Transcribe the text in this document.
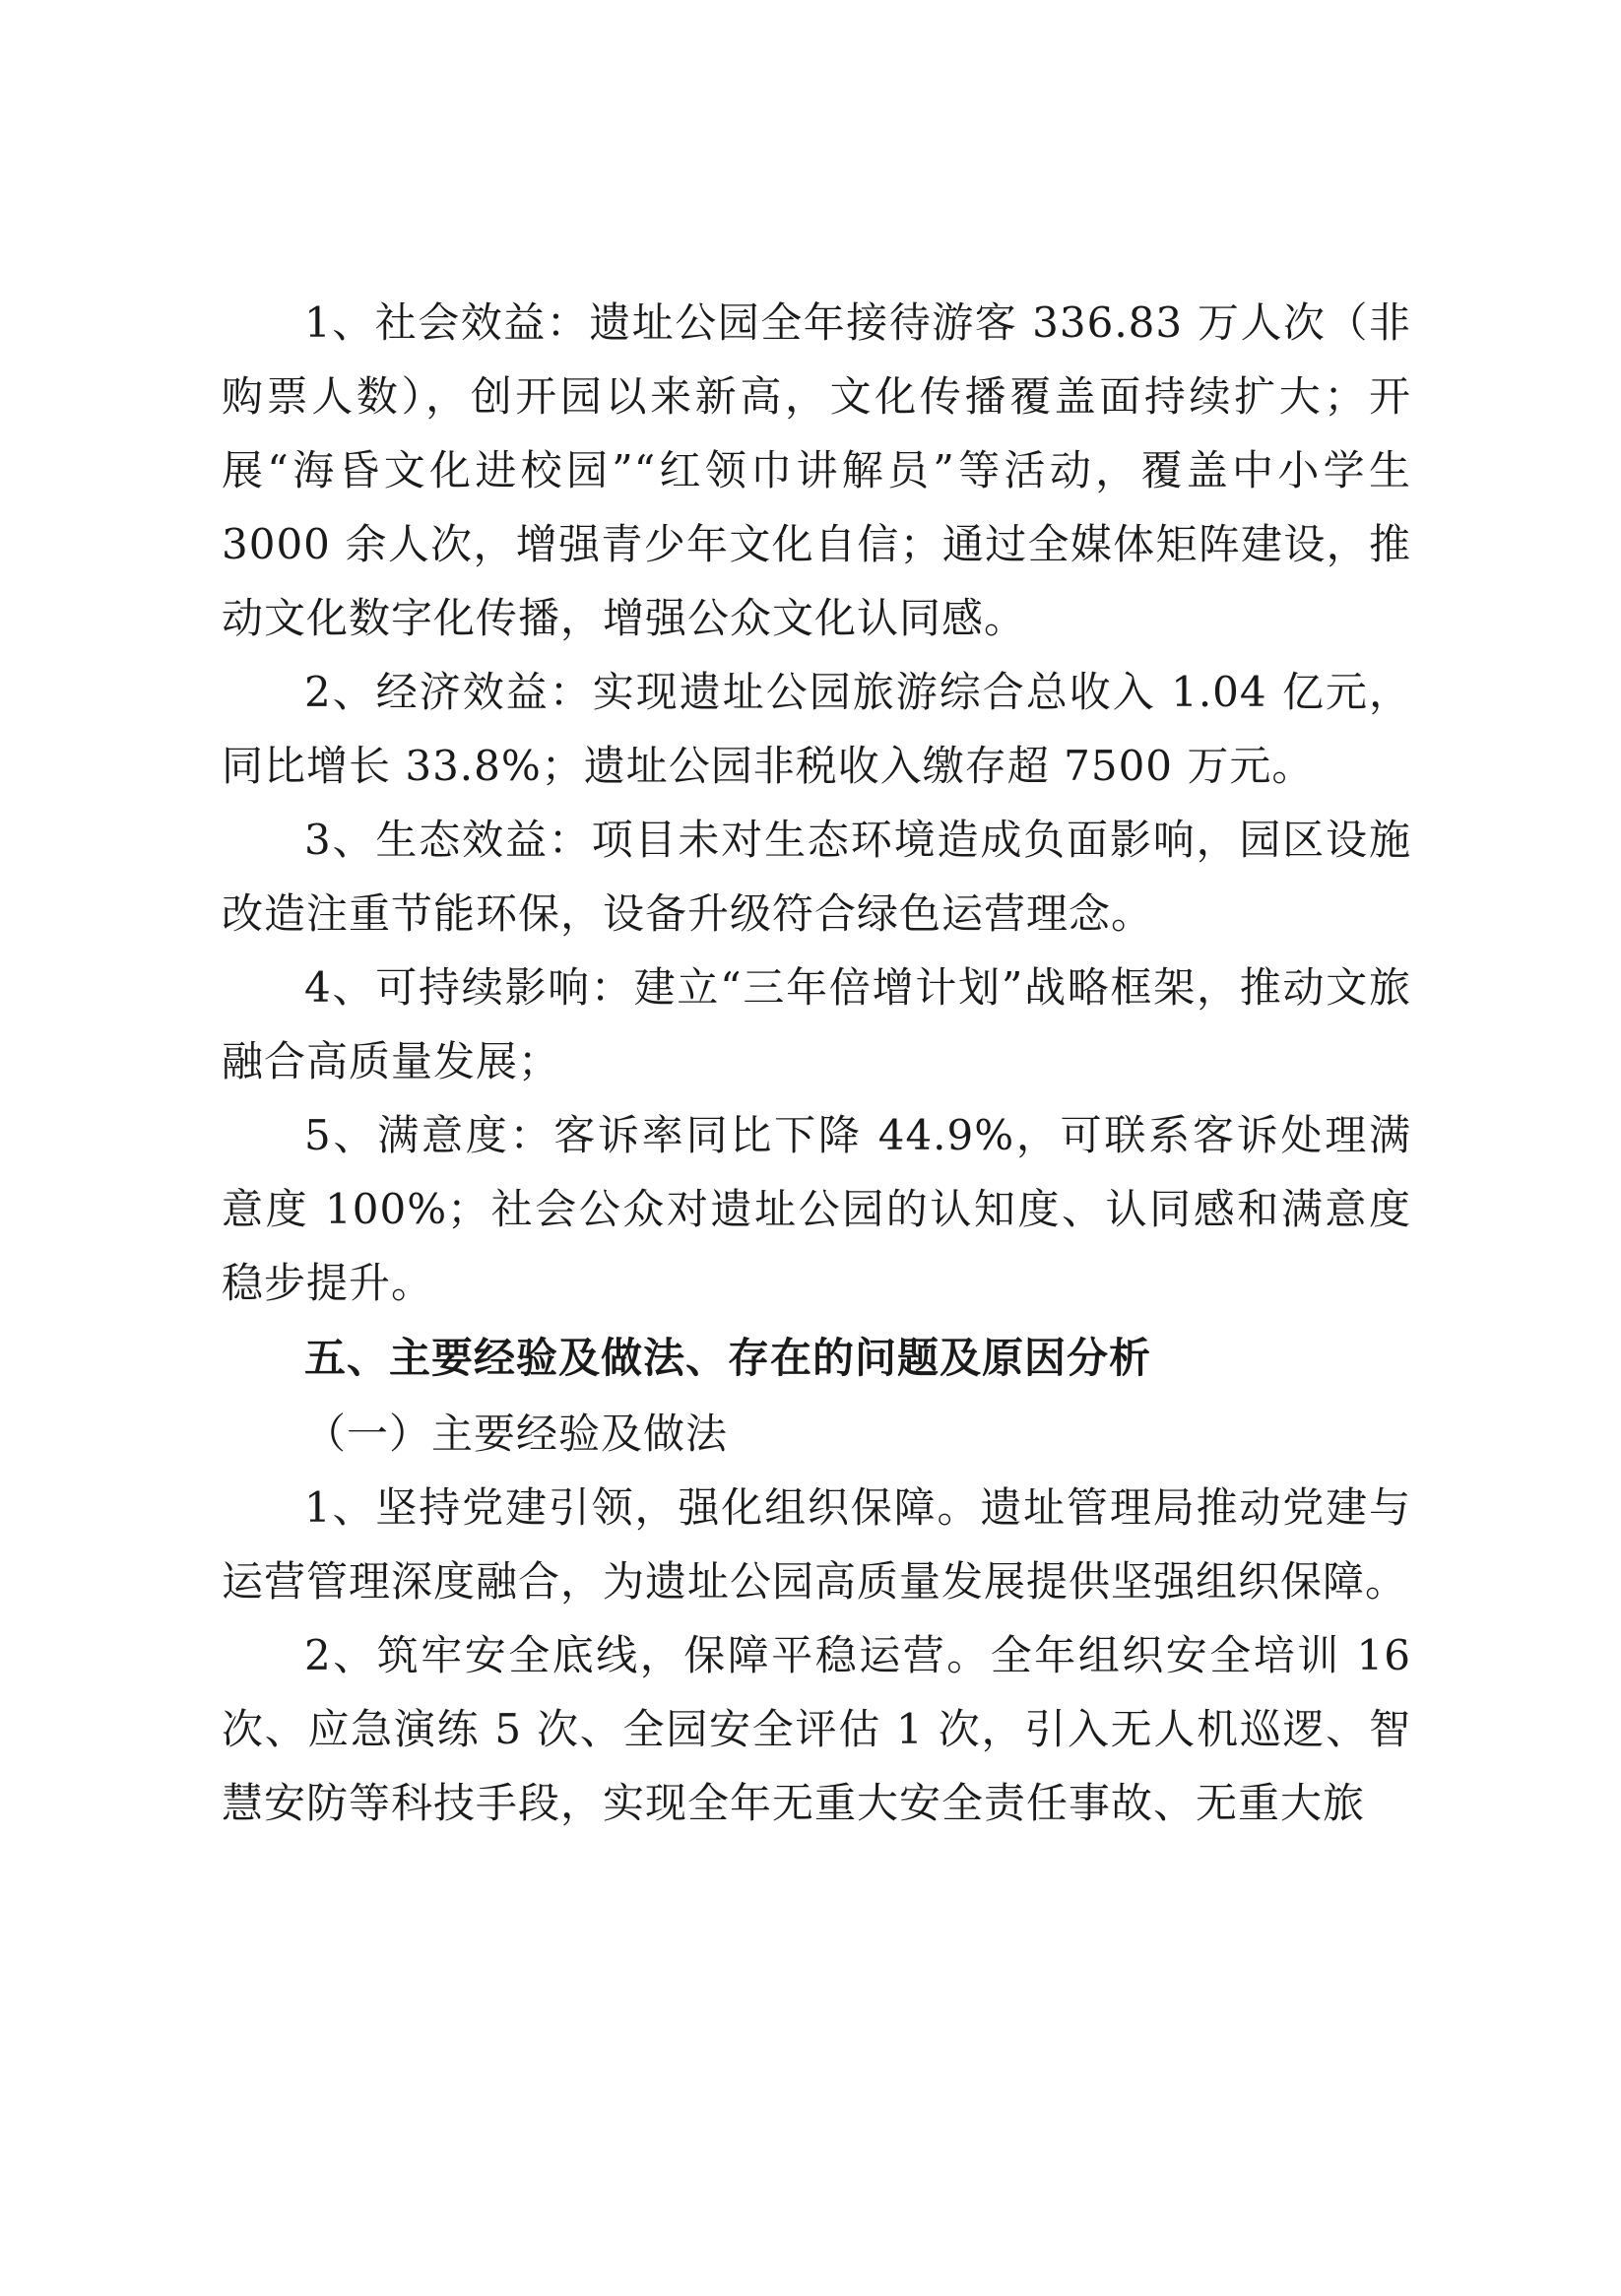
1、社会效益：遗址公园全年接待游客 336.83 万人次（非购票人数），创开园以来新高，文化传播覆盖面持续扩大；开展“海昏文化进校园”“红领巾讲解员”等活动，覆盖中小学生 3000 余人次，增强青少年文化自信；通过全媒体矩阵建设，推动文化数字化传播，增强公众文化认同感。

2、经济效益：实现遗址公园旅游综合总收入 1.04 亿元，同比增长 33.8%；遗址公园非税收入缴存超 7500 万元。

3、生态效益：项目未对生态环境造成负面影响，园区设施改造注重节能环保，设备升级符合绿色运营理念。

4、可持续影响：建立“三年倍增计划”战略框架，推动文旅融合高质量发展；

5、满意度：客诉率同比下降 44.9%，可联系客诉处理满意度 100%；社会公众对遗址公园的认知度、认同感和满意度稳步提升。

五、主要经验及做法、存在的问题及原因分析

（一）主要经验及做法

1、坚持党建引领，强化组织保障。遗址管理局推动党建与运营管理深度融合，为遗址公园高质量发展提供坚强组织保障。

2、筑牢安全底线，保障平稳运营。全年组织安全培训 16 次、应急演练 5 次、全园安全评估 1 次，引入无人机巡逻、智慧安防等科技手段，实现全年无重大安全责任事故、无重大旅
